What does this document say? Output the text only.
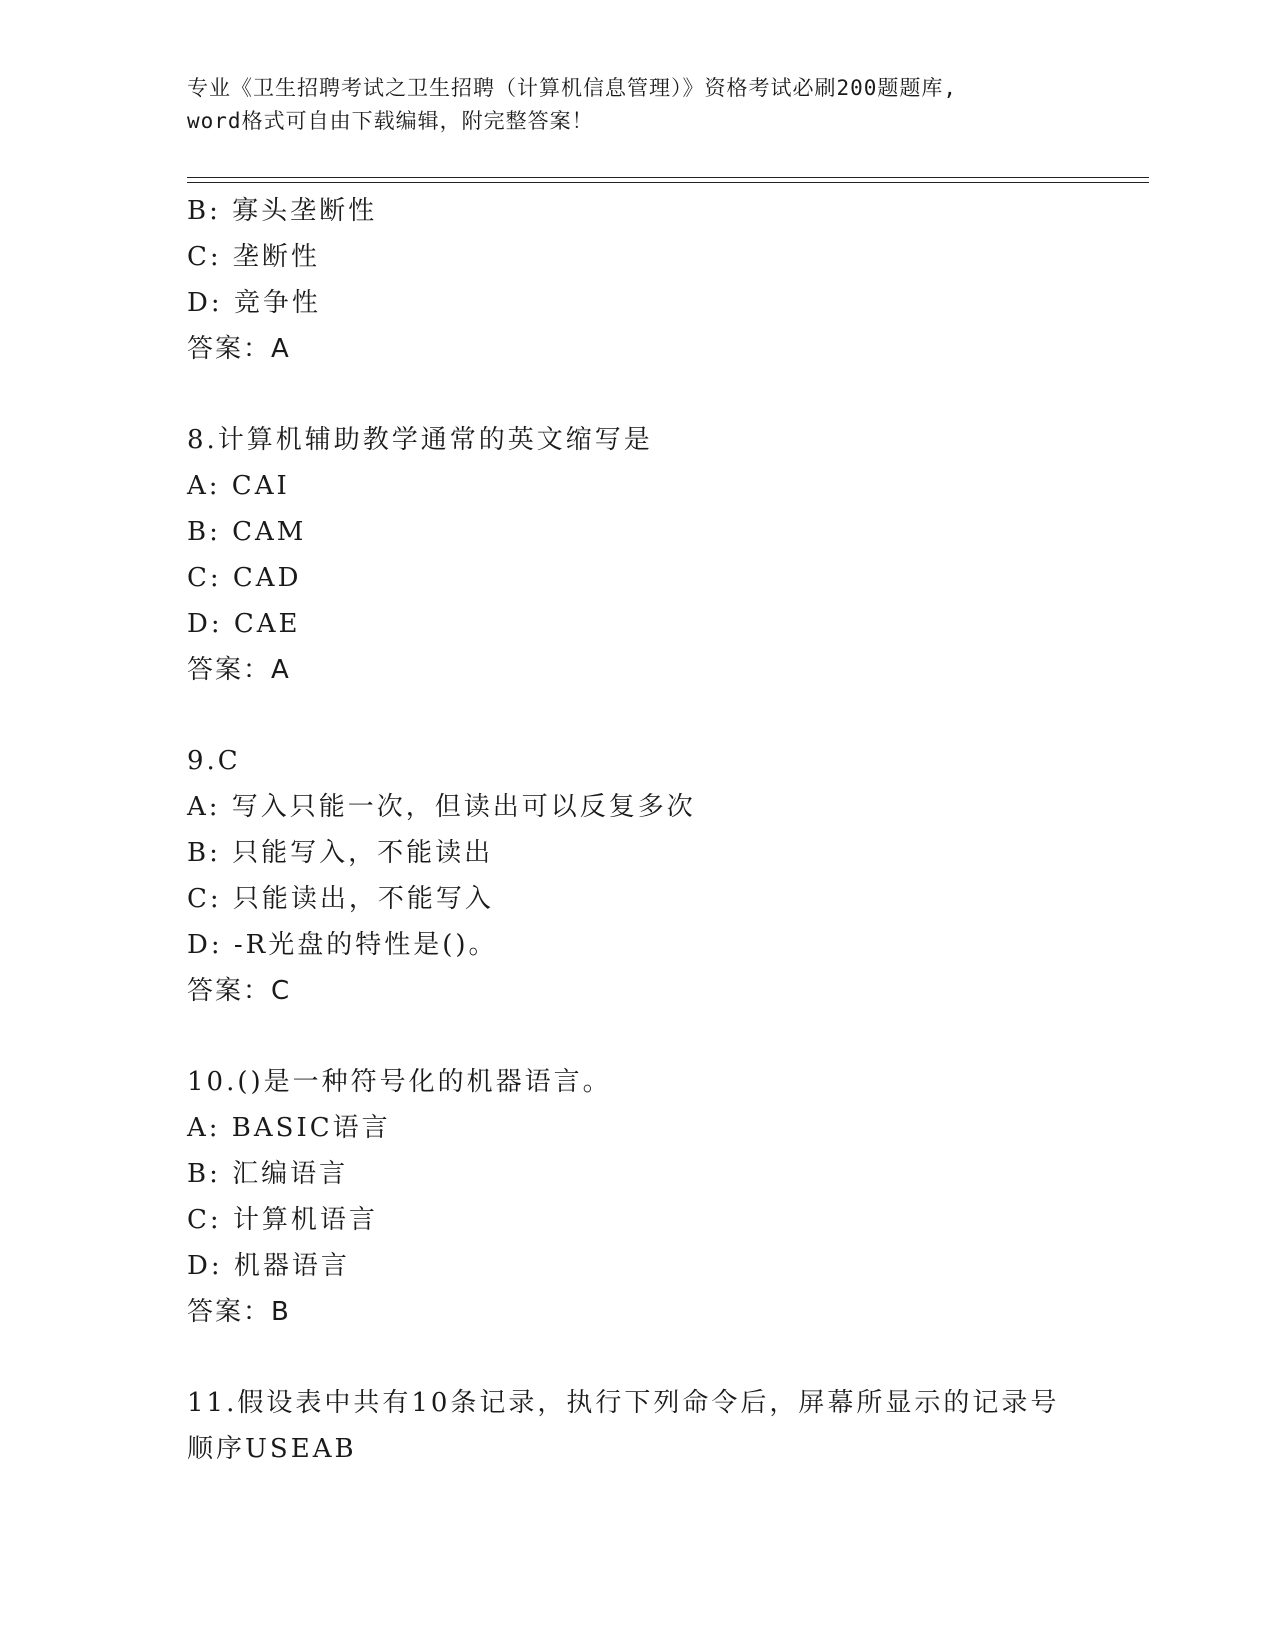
专业《卫生招聘考试之卫生招聘（计算机信息管理）》资格考试必刷200题题库,
word格式可自由下载编辑，附完整答案！
B: 寡头垄断性
C: 垄断性
D: 竞争性
答案：A
8.计算机辅助教学通常的英文缩写是
A: CAI
B: CAM
C: CAD
D: CAE
答案：A
9.C
A: 写入只能一次，但读出可以反复多次
B: 只能写入，不能读出
C: 只能读出，不能写入
D: -R光盘的特性是()。
答案：C
10.()是一种符号化的机器语言。
A: BASIC语言
B: 汇编语言
C: 计算机语言
D: 机器语言
答案：B
11.假设表中共有10条记录，执行下列命令后，屏幕所显示的记录号
顺序USEAB
